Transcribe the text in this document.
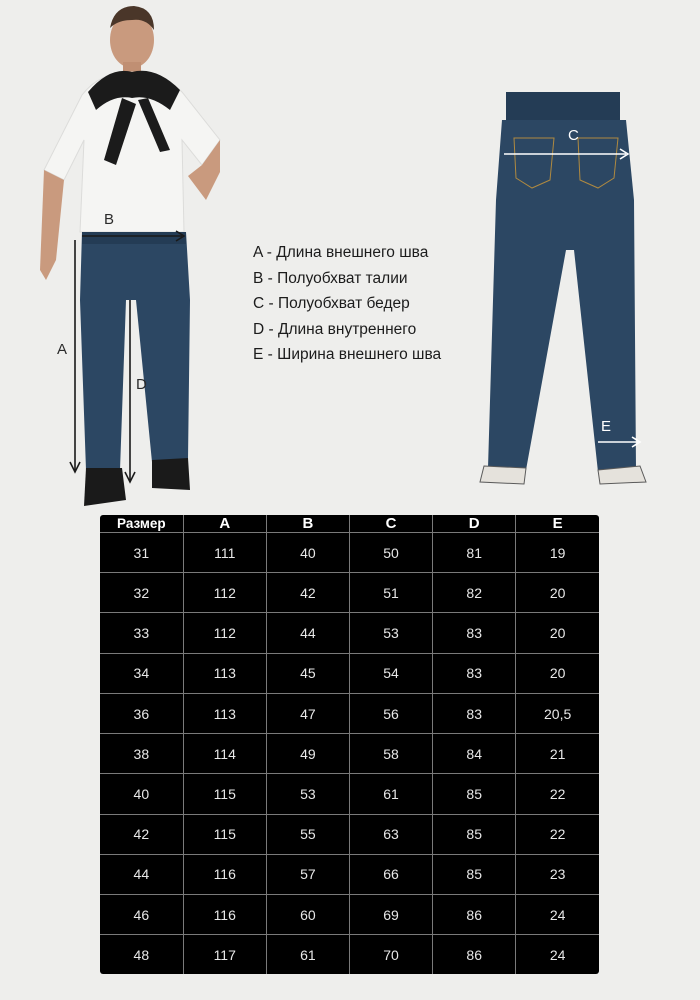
B
A
D
C
E
A - Длина внешнего шва
B - Полуобхват талии
C - Полуобхват бедер
D - Длина внутреннего
E - Ширина внешнего шва
Размер	A	B	C	D	E
31	111	40	50	81	19
32	112	42	51	82	20
33	112	44	53	83	20
34	113	45	54	83	20
36	113	47	56	83	20,5
38	114	49	58	84	21
40	115	53	61	85	22
42	115	55	63	85	22
44	116	57	66	85	23
46	116	60	69	86	24
48	117	61	70	86	24
